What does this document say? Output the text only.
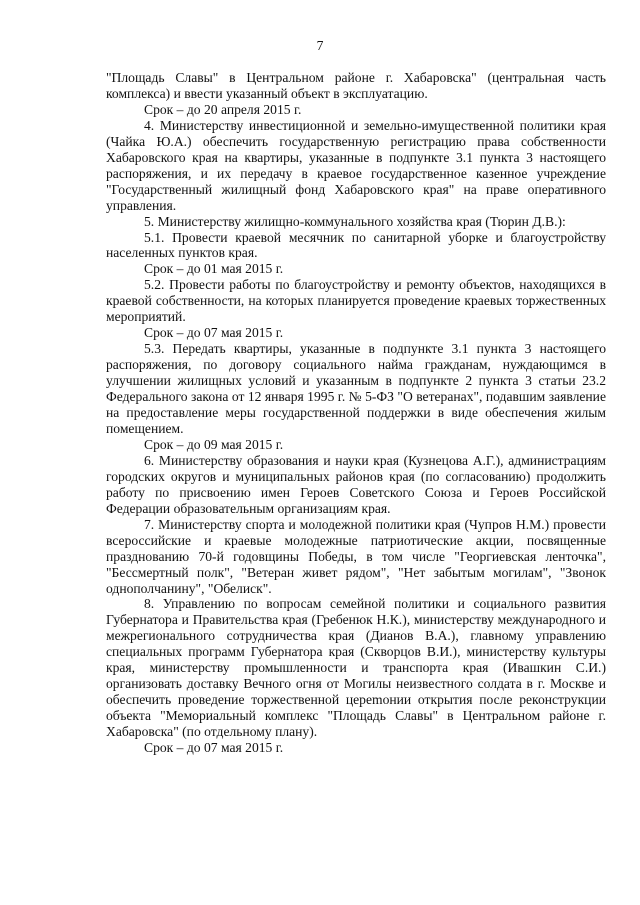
7

"Площадь Славы" в Центральном районе г. Хабаровска" (центральная часть комплекса) и ввести указанный объект в эксплуатацию.

Срок – до 20 апреля 2015 г.

4. Министерству инвестиционной и земельно-имущественной политики края (Чайка Ю.А.) обеспечить государственную регистрацию права собственности Хабаровского края на квартиры, указанные в подпункте 3.1 пункта 3 настоящего распоряжения, и их передачу в краевое государственное казенное учреждение "Государственный жилищный фонд Хабаровского края" на праве оперативного управления.

5. Министерству жилищно-коммунального хозяйства края (Тюрин Д.В.):

5.1. Провести краевой месячник по санитарной уборке и благоустройству населенных пунктов края.

Срок – до 01 мая 2015 г.

5.2. Провести работы по благоустройству и ремонту объектов, находящихся в краевой собственности, на которых планируется проведение краевых торжественных мероприятий.

Срок – до 07 мая 2015 г.

5.3. Передать квартиры, указанные в подпункте 3.1 пункта 3 настоящего распоряжения, по договору социального найма гражданам, нуждающимся в улучшении жилищных условий и указанным в подпункте 2 пункта 3 статьи 23.2 Федерального закона от 12 января 1995 г. № 5-ФЗ "О ветеранах", подавшим заявление на предоставление меры государственной поддержки в виде обеспечения жилым помещением.

Срок – до 09 мая 2015 г.

6. Министерству образования и науки края (Кузнецова А.Г.), администрациям городских округов и муниципальных районов края (по согласованию) продолжить работу по присвоению имен Героев Советского Союза и Героев Российской Федерации образовательным организациям края.

7. Министерству спорта и молодежной политики края (Чупров Н.М.) провести всероссийские и краевые молодежные патриотические акции, посвященные празднованию 70-й годовщины Победы, в том числе "Георгиевская ленточка", "Бессмертный полк", "Ветеран живет рядом", "Нет забытым могилам", "Звонок однополчанину", "Обелиск".

8. Управлению по вопросам семейной политики и социального развития Губернатора и Правительства края (Гребенюк Н.К.), министерству международного и межрегионального сотрудничества края (Дианов В.А.), главному управлению специальных программ Губернатора края (Скворцов В.И.), министерству культуры края, министерству промышленности и транспорта края (Ивашкин С.И.) организовать доставку Вечного огня от Могилы неизвестного солдата в г. Москве и обеспечить проведение торжественной цереmонии открытия после реконструкции объекта "Мемориальный комплекс "Площадь Славы" в Центральном районе г. Хабаровска" (по отдельному плану).

Срок – до 07 мая 2015 г.
